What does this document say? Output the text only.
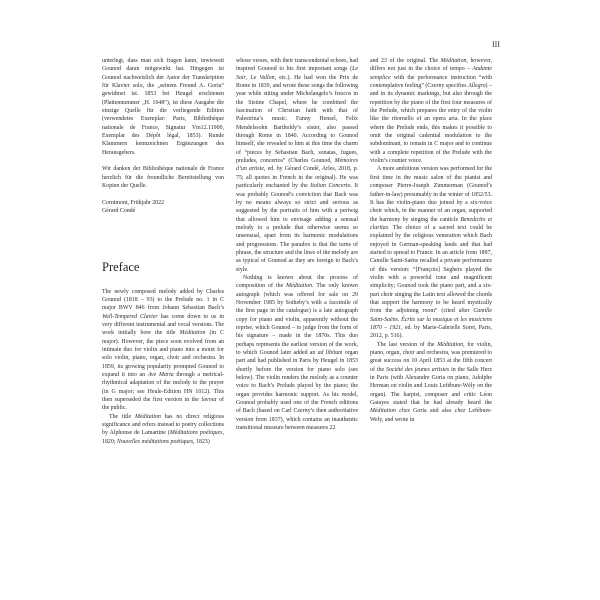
III

unterlegt, dass man sich fragen kann, inwieweit Gounod daran mitgewirkt hat. Hingegen ist Gounod nachweislich der Autor der Transkription für Klavier solo, die „seinem Freund A. Goria“ gewidmet ist. 1853 bei Heugel erschienen (Plattennummer „H. 1648“), ist diese Ausgabe die einzige Quelle für die vorliegende Edition (verwendetes Exemplar: Paris, Bibliothèque nationale de France, Signatur Vm12.11900, Exemplar des Dépôt légal, 1853). Runde Klammern kennzeichnen Ergänzungen des Herausgebers.

Wir danken der Bibliothèque nationale de France herzlich für die freundliche Bereitstellung von Kopien der Quelle.

Cornimont, Frühjahr 2022

Gérard Condé

Preface

The newly composed melody added by Charles Gounod (1818 – 93) to the Prelude no. 1 in C major BWV 846 from Johann Sebastian Bach’s Well-Tempered Clavier has come down to us in very different instrumental and vocal versions. The work initially bore the title Méditation (in C major). However, the piece soon evolved from an intimate duo for violin and piano into a motet for solo violin, piano, organ, choir and orchestra. In 1859, its growing popularity prompted Gounod to expand it into an Ave Maria through a metrical-rhythmical adaptation of the melody to the prayer (in G major; see Heule-Edition HN 1012). This then superseded the first version in the favour of the public.

The title Méditation has no direct religious significance and refers instead to poetry collections by Alphonse de Lamartine (Méditations poétiques, 1820; Nouvelles méditations poétiques, 1823)

whose verses, with their transcendental echoes, had inspired Gounod to his first important songs (Le Soir, Le Vallon, etc.). He had won the Prix de Rome in 1839, and wrote these songs the following year while sitting under Michelangelo’s frescos in the Sistine Chapel, where he combined the fascination of Christian faith with that of Palestrina’s music. Fanny Hensel, Felix Mendelssohn Bartholdy’s sister, also passed through Rome in 1840. According to Gounod himself, she revealed to him at this time the charm of “pieces by Sebastian Bach, sonatas, fugues, preludes, concertos” (Charles Gounod, Mémoires d’un artiste, ed. by Gérard Condé, Arles, 2018, p. 75; all quotes in French in the original). He was particularly enchanted by the Italian Concerto. It was probably Gounod’s conviction that Bach was by no means always so strict and serious as suggested by the portraits of him with a periwig that allowed him to envisage adding a sensual melody to a prelude that otherwise seems so unsensual, apart from its harmonic modulations and progressions. The paradox is that the turns of phrase, the structure and the lines of the melody are as typical of Gounod as they are foreign to Bach’s style.

Nothing is known about the process of composition of the Méditation. The only known autograph (which was offered for sale on 29 November 1985 by Sotheby’s with a facsimile of the first page in the catalogue) is a late autograph copy for piano and violin, apparently without the reprise, which Gounod – to judge from the form of his signature – made in the 1870s. This duo perhaps represents the earliest version of the work, to which Gounod later added an ad libitum organ part and had published in Paris by Heugel in 1853 shortly before the version for piano solo (see below). The violin renders the melody as a counter voice to Bach’s Prelude played by the piano; the organ provides harmonic support. As his model, Gounod probably used one of the French editions of Bach (based on Carl Czerny’s then authoritative version from 1837), which contains an inauthentic transitional measure between measures 22

and 23 of the original. The Méditation, however, differs not just in the choice of tempo – Andante semplice with the performance instruction “with contemplative feeling” (Czerny specifies Allegro) – and in its dynamic markings, but also through the repetition by the piano of the first four measures of the Prelude, which prepares the entry of the violin like the ritornello of an opera aria. In the place where the Prelude ends, this makes it possible to omit the original cadential modulation to the subdominant, to remain in C major and to continue with a complete repetition of the Prelude with the violin’s counter voice.

A more ambitious version was performed for the first time in the music salon of the pianist and composer Pierre-Joseph Zimmerman (Gounod’s father-in-law) presumably in the winter of 1852/53. It has the violin-piano duo joined by a six-voice choir which, in the manner of an organ, supported the harmony by singing the canticle Benedictio et claritas. The choice of a sacred text could be explained by the religious veneration which Bach enjoyed in German-speaking lands and that had started to spread to France. In an article from 1897, Camille Saint-Saëns recalled a private performance of this version: “[François] Seghers played the violin with a powerful tone and magnificent simplicity; Gounod took the piano part, and a six-part choir singing the Latin text allowed the chords that support the harmony to be heard mystically from the adjoining room” (cited after Camille Saint-Saëns. Écrits sur la musique et les musiciens 1870 – 1921, ed. by Marie-Gabrielle Soret, Paris, 2012, p. 516).

The last version of the Méditation, for violin, piano, organ, choir and orchestra, was premiered to great success on 10 April 1853 at the fifth concert of the Société des jeunes artistes in the Salle Herz in Paris (with Alexandre Goria on piano, Adolphe Herman on violin and Louis Lefébure-Wély on the organ). The harpist, composer and critic Léon Gatayes stated that he had already heard the Méditation chez Goria and also chez Lefébure-Wely, and wrote in
